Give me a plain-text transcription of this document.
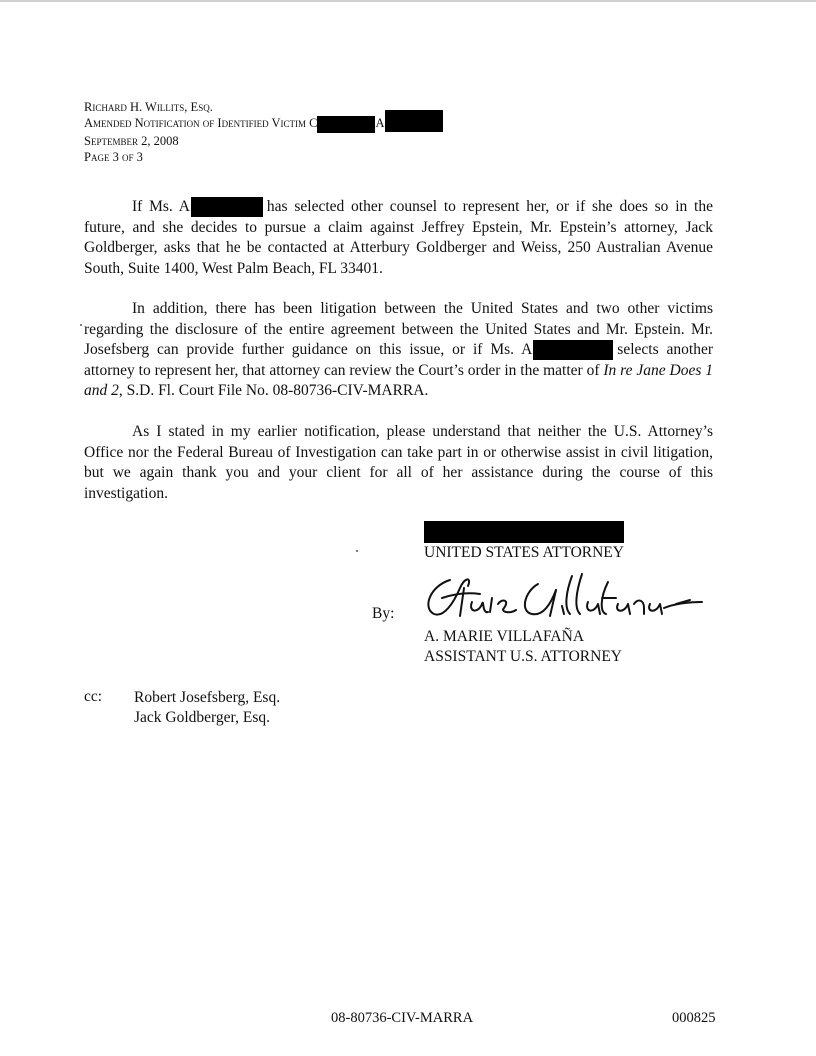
Richard H. Willits, Esq.
Amended Notification of Identified Victim C	A
September 2, 2008
Page 3 of 3

If Ms. A	has selected other counsel to represent her, or if she does so in the future, and she decides to pursue a claim against Jeffrey Epstein, Mr. Epstein’s attorney, Jack Goldberger, asks that he be contacted at Atterbury Goldberger and Weiss, 250 Australian Avenue South, Suite 1400, West Palm Beach, FL 33401.

In addition, there has been litigation between the United States and two other victims regarding the disclosure of the entire agreement between the United States and Mr. Epstein. Mr. Josefsberg can provide further guidance on this issue, or if Ms. A	selects another attorney to represent her, that attorney can review the Court’s order in the matter of In re Jane Does 1 and 2, S.D. Fl. Court File No. 08-80736-CIV-MARRA.

As I stated in my earlier notification, please understand that neither the U.S. Attorney’s Office nor the Federal Bureau of Investigation can take part in or otherwise assist in civil litigation, but we again thank you and your client for all of her assistance during the course of this investigation.

UNITED STATES ATTORNEY
By:
A. MARIE VILLAFAÑA
ASSISTANT U.S. ATTORNEY
cc: Robert Josefsberg, Esq.
Jack Goldberger, Esq.
08-80736-CIV-MARRA	000825
